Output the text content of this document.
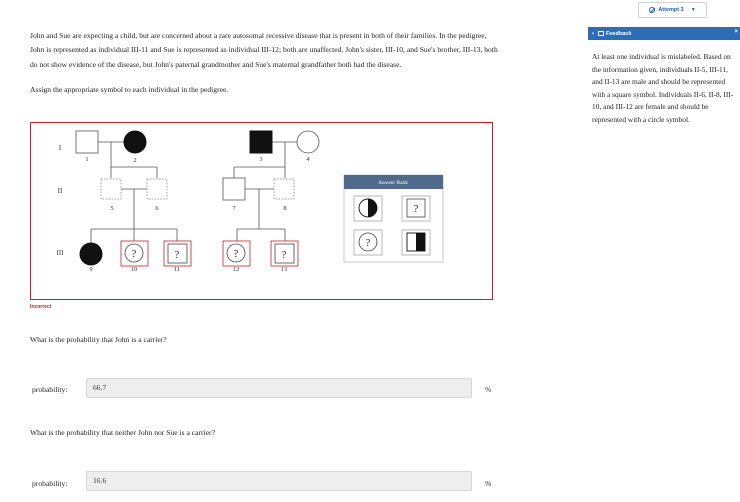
John and Sue are expecting a child, but are concerned about a rare autosomal recessive disease that is present in both of their families. In the pedigree, John is represented as individual III-11 and Sue is represented as individual III-12; both are unaffected. John's sister, III-10, and Sue's brother, III-13, both do not show evidence of the disease, but John's paternal grandmother and Sue's maternal grandfather both had the disease.

Assign the appropriate symbol to each individual in the pedigree.
I
II
III
1	2	3	4
5	6	7	8
9
?
10
?
11
?
12
?
13
Answer Bank
?
?
Incorrect
What is the probability that John is a carrier?
probability:	66.7	%
What is the probability that neither John nor Sue is a carrier?
probability:	16.6	%
Attempt 3 ▼
‹ Feedback	×
At least one individual is mislabeled. Based on the information given, individuals II-5, III-11, and II-13 are male and should be represented with a square symbol. Individuals II-6, II-8, III-10, and III-12 are female and should be represented with a circle symbol.
